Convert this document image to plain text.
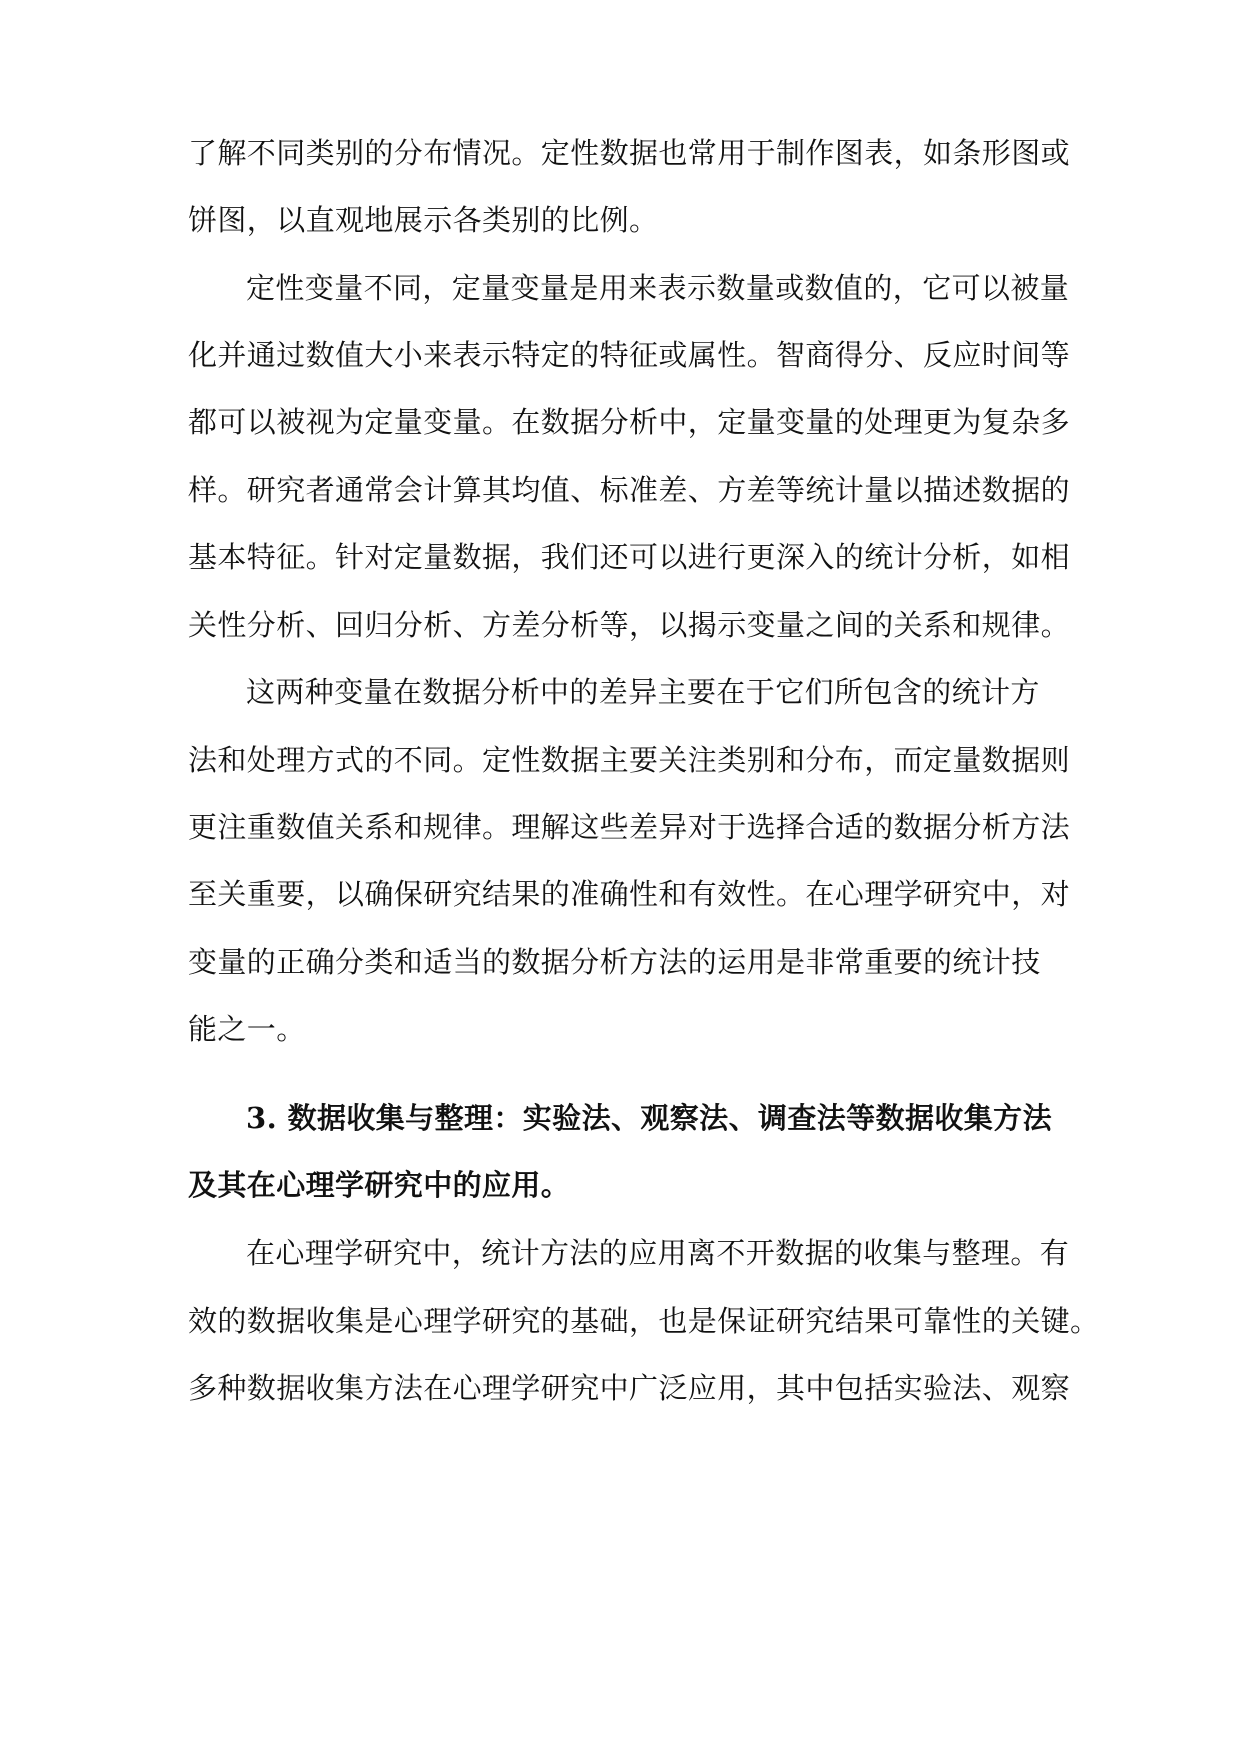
了解不同类别的分布情况。定性数据也常用于制作图表，如条形图或
饼图，以直观地展示各类别的比例。
定性变量不同，定量变量是用来表示数量或数值的，它可以被量
化并通过数值大小来表示特定的特征或属性。智商得分、反应时间等
都可以被视为定量变量。在数据分析中，定量变量的处理更为复杂多
样。研究者通常会计算其均值、标准差、方差等统计量以描述数据的
基本特征。针对定量数据，我们还可以进行更深入的统计分析，如相
关性分析、回归分析、方差分析等，以揭示变量之间的关系和规律。
这两种变量在数据分析中的差异主要在于它们所包含的统计方
法和处理方式的不同。定性数据主要关注类别和分布，而定量数据则
更注重数值关系和规律。理解这些差异对于选择合适的数据分析方法
至关重要，以确保研究结果的准确性和有效性。在心理学研究中，对
变量的正确分类和适当的数据分析方法的运用是非常重要的统计技
能之一。
3. 数据收集与整理：实验法、观察法、调查法等数据收集方法
及其在心理学研究中的应用。
在心理学研究中，统计方法的应用离不开数据的收集与整理。有
效的数据收集是心理学研究的基础，也是保证研究结果可靠性的关键。
多种数据收集方法在心理学研究中广泛应用，其中包括实验法、观察
